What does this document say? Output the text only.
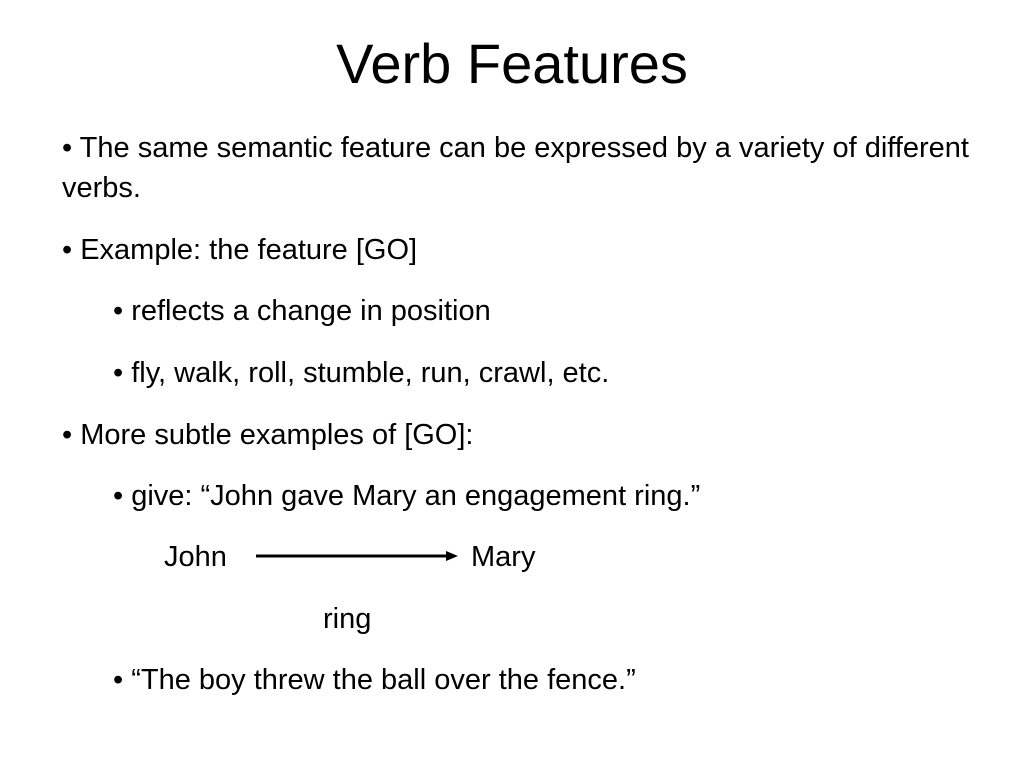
Verb Features
• The same semantic feature can be expressed by a variety of different verbs.
• Example: the feature [GO]
• reflects a change in position
• fly, walk, roll, stumble, run, crawl, etc.
• More subtle examples of [GO]:
• give: “John gave Mary an engagement ring.”
John	Mary
ring
• “The boy threw the ball over the fence.”
